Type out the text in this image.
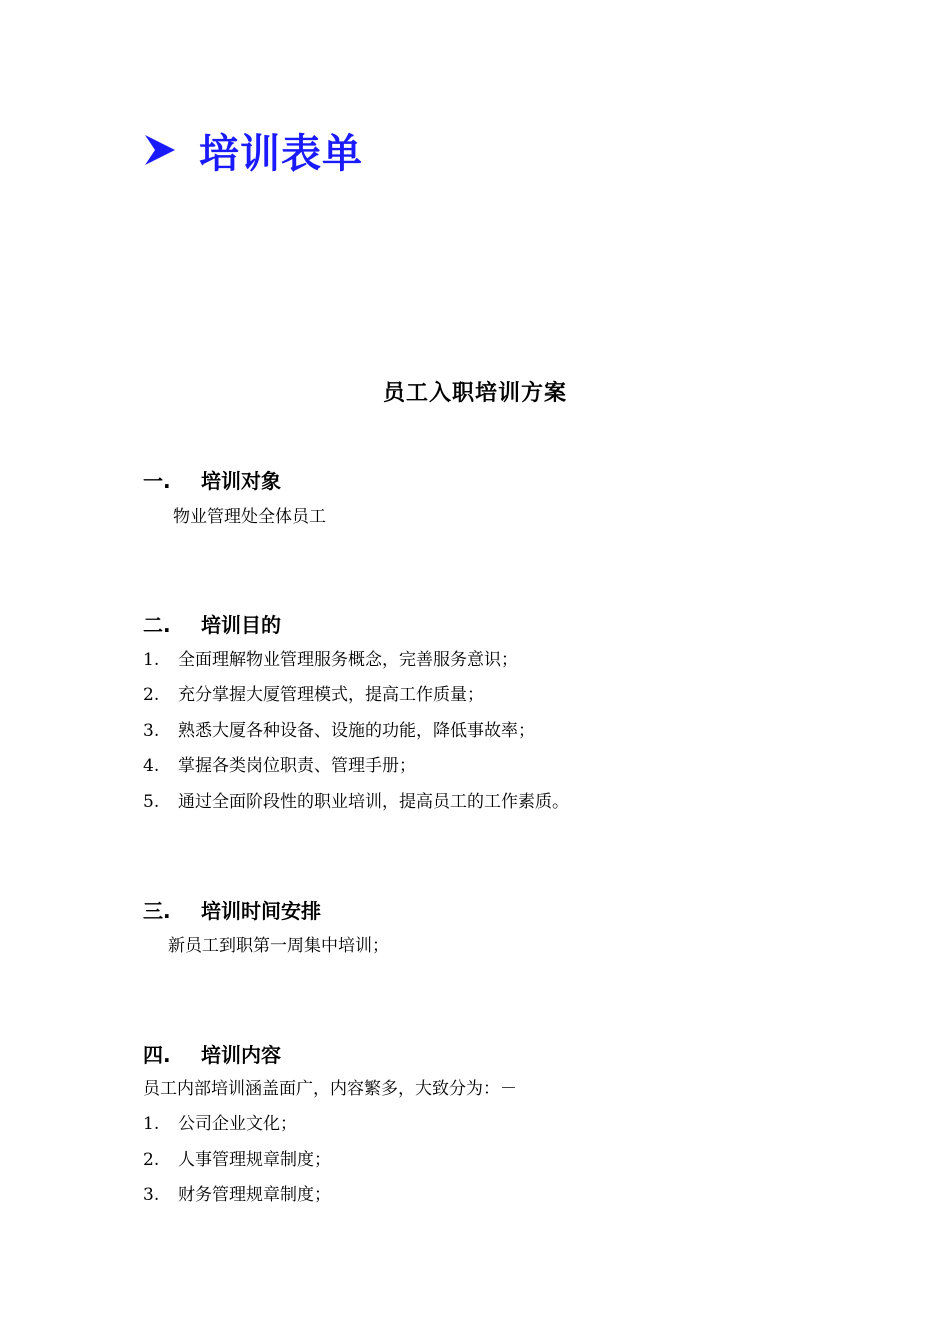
培训表单
员工入职培训方案
一.	培训对象
物业管理处全体员工
二.	培训目的
1.	全面理解物业管理服务概念，完善服务意识；
2.	充分掌握大厦管理模式，提高工作质量；
3.	熟悉大厦各种设备、设施的功能，降低事故率；
4.	掌握各类岗位职责、管理手册；
5.	通过全面阶段性的职业培训，提高员工的工作素质。
三.	培训时间安排
新员工到职第一周集中培训；
四.	培训内容
员工内部培训涵盖面广，内容繁多，大致分为：－
1.	公司企业文化；
2.	人事管理规章制度；
3.	财务管理规章制度；
